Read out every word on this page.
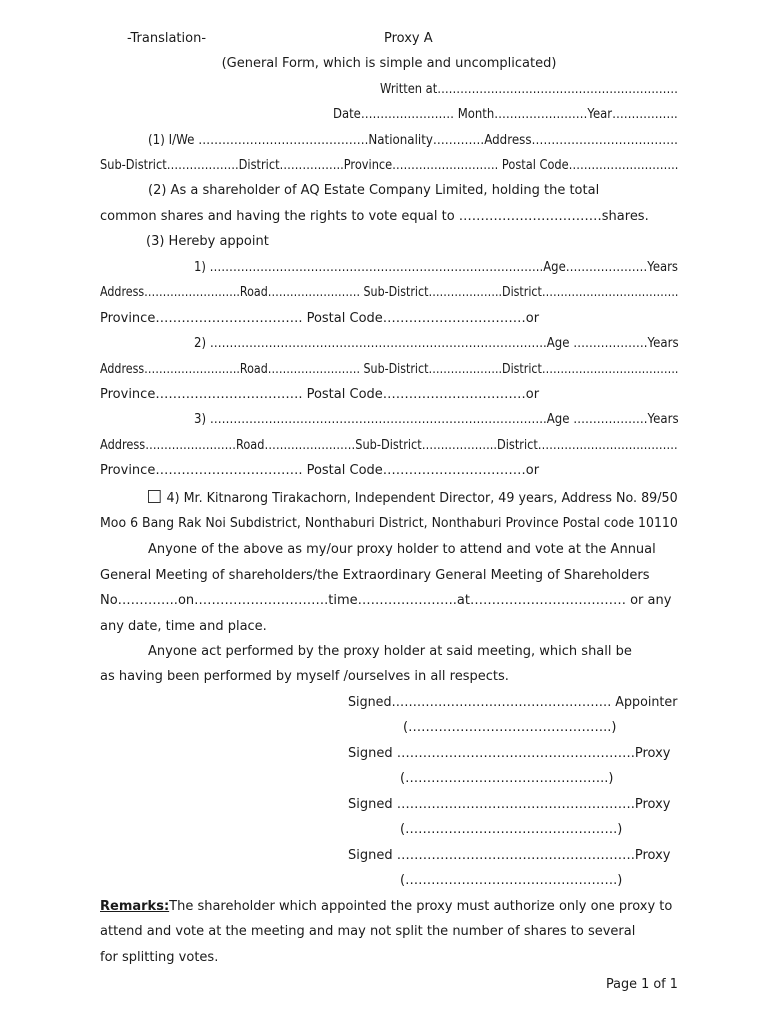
-Translation-	Proxy A
(General Form, which is simple and uncomplicated)
Written at………………………………………………………
Date…………………… Month……………………Year……………..
(1) I/We …………………………………….Nationality………….Address……………………………….
Sub-District……………….District……………..Province………………………. Postal Code………………………..
(2) As a shareholder of AQ Estate Company Limited, holding the total
common shares and having the rights to vote equal to ……………………………shares.
(3) Hereby appoint
1) …………………………………………………………………………..Age…………………Years
Address……………………..Road……………………. Sub-District………………..District……………………………….
Province……………………………. Postal Code……………………………or
2) …………………………………………………………………………..Age ……………….Years
Address……………………..Road……………………. Sub-District………………..District……………………………….
Province……………………………. Postal Code……………………………or
3) …………………………………………………………………………..Age ……………….Years
Address……………………Road……………………Sub-District………………..District……………………………….
Province……………………………. Postal Code……………………………or
4) Mr. Kitnarong Tirakachorn, Independent Director, 49 years, Address No. 89/50
Moo 6 Bang Rak Noi Subdistrict, Nonthaburi District, Nonthaburi Province Postal code 10110
Anyone of the above as my/our proxy holder to attend and vote at the Annual
General Meeting of shareholders/the Extraordinary General Meeting of Shareholders
No…………..on………………………….time…………………..at……………………………… or any
any date, time and place.
Anyone act performed by the proxy holder at said meeting, which shall be
as having been performed by myself /ourselves in all respects.
Signed……………………………………………. Appointer
(………………………………………..)
Signed ……………………………………………….Proxy
(………………………………………..)
Signed ……………………………………………….Proxy
(………………………………………….)
Signed ……………………………………………….Proxy
(………………………………………….)
Remarks:The shareholder which appointed the proxy must authorize only one proxy to
attend and vote at the meeting and may not split the number of shares to several
for splitting votes.
Page 1 of 1
